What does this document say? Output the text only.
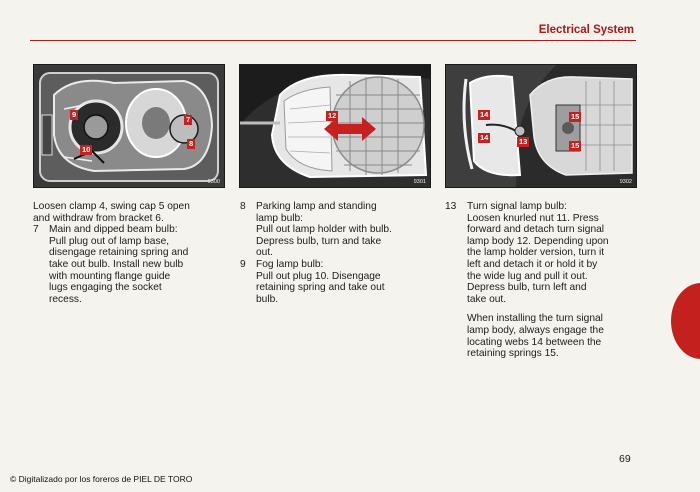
Electrical System
9
10
7
8
9300
12
9301
14
14	13
15
15
9302

Loosen clamp 4, swing cap 5 open

and withdraw from bracket 6.

7 Main and dipped beam bulb:

Pull plug out of lamp base,

disengage retaining spring and

take out bulb. Install new bulb

with mounting flange guide

lugs engaging the socket

recess.

8 Parking lamp and standing

lamp bulb:

Pull out lamp holder with bulb.

Depress bulb, turn and take

out.

9 Fog lamp bulb:

Pull out plug 10. Disengage

retaining spring and take out

bulb.

13 Turn signal lamp bulb:

Loosen knurled nut 11. Press

forward and detach turn signal

lamp body 12. Depending upon

the lamp holder version, turn it

left and detach it or hold it by

the wide lug and pull it out.

Depress bulb, turn left and

take out.

When installing the turn signal

lamp body, always engage the

locating webs 14 between the

retaining springs 15.

69
© Digitalizado por los foreros de PIEL DE TORO
